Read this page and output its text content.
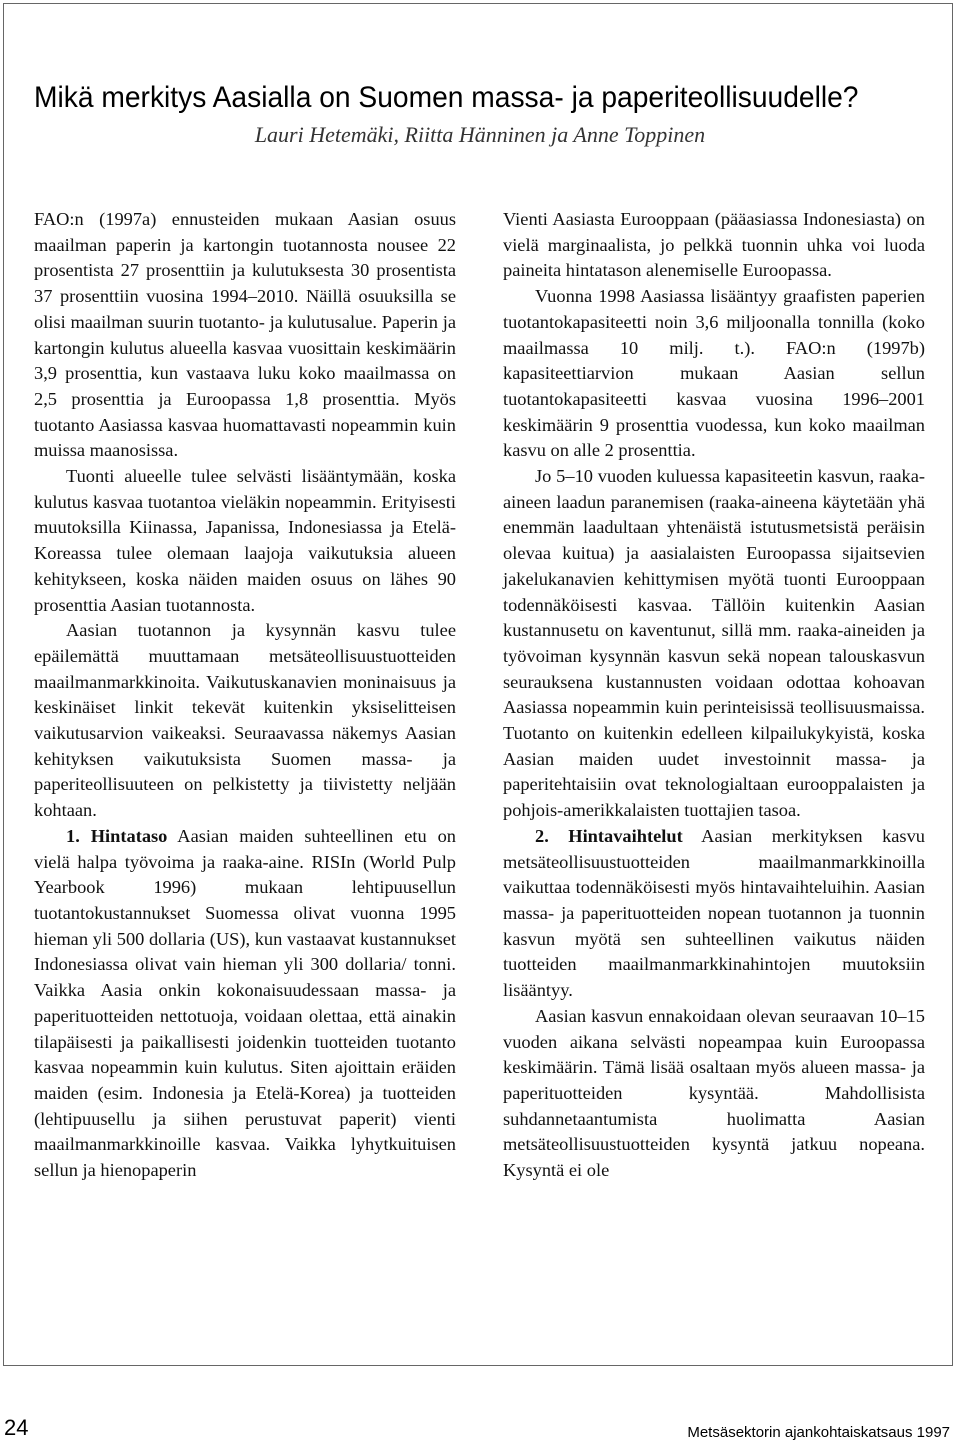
Mikä merkitys Aasialla on Suomen massa- ja paperiteollisuudelle?
Lauri Hetemäki, Riitta Hänninen ja Anne Toppinen

FAO:n (1997a) ennusteiden mukaan Aasian osuus maailman paperin ja kartongin tuotannosta nousee 22 prosentista 27 prosenttiin ja kulutuksesta 30 prosentista 37 prosenttiin vuosina 1994–2010. Näillä osuuksilla se olisi maailman suurin tuotanto- ja kulutusalue. Paperin ja kartongin kulutus alueella kasvaa vuosittain keskimäärin 3,9 prosenttia, kun vastaava luku koko maailmassa on 2,5 prosenttia ja Euroopassa 1,8 prosenttia. Myös tuotanto Aasiassa kasvaa huomattavasti nopeammin kuin muissa maanosissa.

Tuonti alueelle tulee selvästi lisääntymään, koska kulutus kasvaa tuotantoa vieläkin nopeammin. Erityisesti muutoksilla Kiinassa, Japanissa, Indonesiassa ja Etelä-Koreassa tulee olemaan laajoja vaikutuksia alueen kehitykseen, koska näiden maiden osuus on lähes 90 prosenttia Aasian tuotannosta.

Aasian tuotannon ja kysynnän kasvu tulee epäilemättä muuttamaan metsäteollisuustuotteiden maailmanmarkkinoita. Vaikutuskanavien moninaisuus ja keskinäiset linkit tekevät kuitenkin yksiselitteisen vaikutusarvion vaikeaksi. Seuraavassa näkemys Aasian kehityksen vaikutuksista Suomen massa- ja paperiteollisuuteen on pelkistetty ja tiivistetty neljään kohtaan.

1. Hintataso Aasian maiden suhteellinen etu on vielä halpa työvoima ja raaka-aine. RISIn (World Pulp Yearbook 1996) mukaan lehtipuusellun tuotantokustannukset Suomessa olivat vuonna 1995 hieman yli 500 dollaria (US), kun vastaavat kustannukset Indonesiassa olivat vain hieman yli 300 dollaria/ tonni. Vaikka Aasia onkin kokonaisuudessaan massa- ja paperituotteiden nettotuoja, voidaan olettaa, että ainakin tilapäisesti ja paikallisesti joidenkin tuotteiden tuotanto kasvaa nopeammin kuin kulutus. Siten ajoittain eräiden maiden (esim. Indonesia ja Etelä-Korea) ja tuotteiden (lehtipuusellu ja siihen perustuvat paperit) vienti maailmanmarkkinoille kasvaa. Vaikka lyhytkuituisen sellun ja hienopaperin

Vienti Aasiasta Eurooppaan (pääasiassa Indonesiasta) on vielä marginaalista, jo pelkkä tuonnin uhka voi luoda paineita hintatason alenemiselle Euroopassa.

Vuonna 1998 Aasiassa lisääntyy graafisten paperien tuotantokapasiteetti noin 3,6 miljoonalla tonnilla (koko maailmassa 10 milj. t.). FAO:n (1997b) kapasiteettiarvion mukaan Aasian sellun tuotantokapasiteetti kasvaa vuosina 1996–2001 keskimäärin 9 prosenttia vuodessa, kun koko maailman kasvu on alle 2 prosenttia.

Jo 5–10 vuoden kuluessa kapasiteetin kasvun, raaka-aineen laadun paranemisen (raaka-aineena käytetään yhä enemmän laadultaan yhtenäistä istutusmetsistä peräisin olevaa kuitua) ja aasialaisten Euroopassa sijaitsevien jakelukanavien kehittymisen myötä tuonti Eurooppaan todennäköisesti kasvaa. Tällöin kuitenkin Aasian kustannusetu on kaventunut, sillä mm. raaka-aineiden ja työvoiman kysynnän kasvun sekä nopean talouskasvun seurauksena kustannusten voidaan odottaa kohoavan Aasiassa nopeammin kuin perinteisissä teollisuusmaissa. Tuotanto on kuitenkin edelleen kilpailukykyistä, koska Aasian maiden uudet investoinnit massa- ja paperitehtaisiin ovat teknologialtaan eurooppalaisten ja pohjois-amerikkalaisten tuottajien tasoa.

2. Hintavaihtelut Aasian merkityksen kasvu metsäteollisuustuotteiden maailmanmarkkinoilla vaikuttaa todennäköisesti myös hintavaihteluihin. Aasian massa- ja paperituotteiden nopean tuotannon ja tuonnin kasvun myötä sen suhteellinen vaikutus näiden tuotteiden maailmanmarkkinahintojen muutoksiin lisääntyy.

Aasian kasvun ennakoidaan olevan seuraavan 10–15 vuoden aikana selvästi nopeampaa kuin Euroopassa keskimäärin. Tämä lisää osaltaan myös alueen massa- ja paperituotteiden kysyntää. Mahdollisista suhdannetaantumista huolimatta Aasian metsäteollisuustuotteiden kysyntä jatkuu nopeana. Kysyntä ei ole

24	Metsäsektorin ajankohtaiskatsaus 1997
